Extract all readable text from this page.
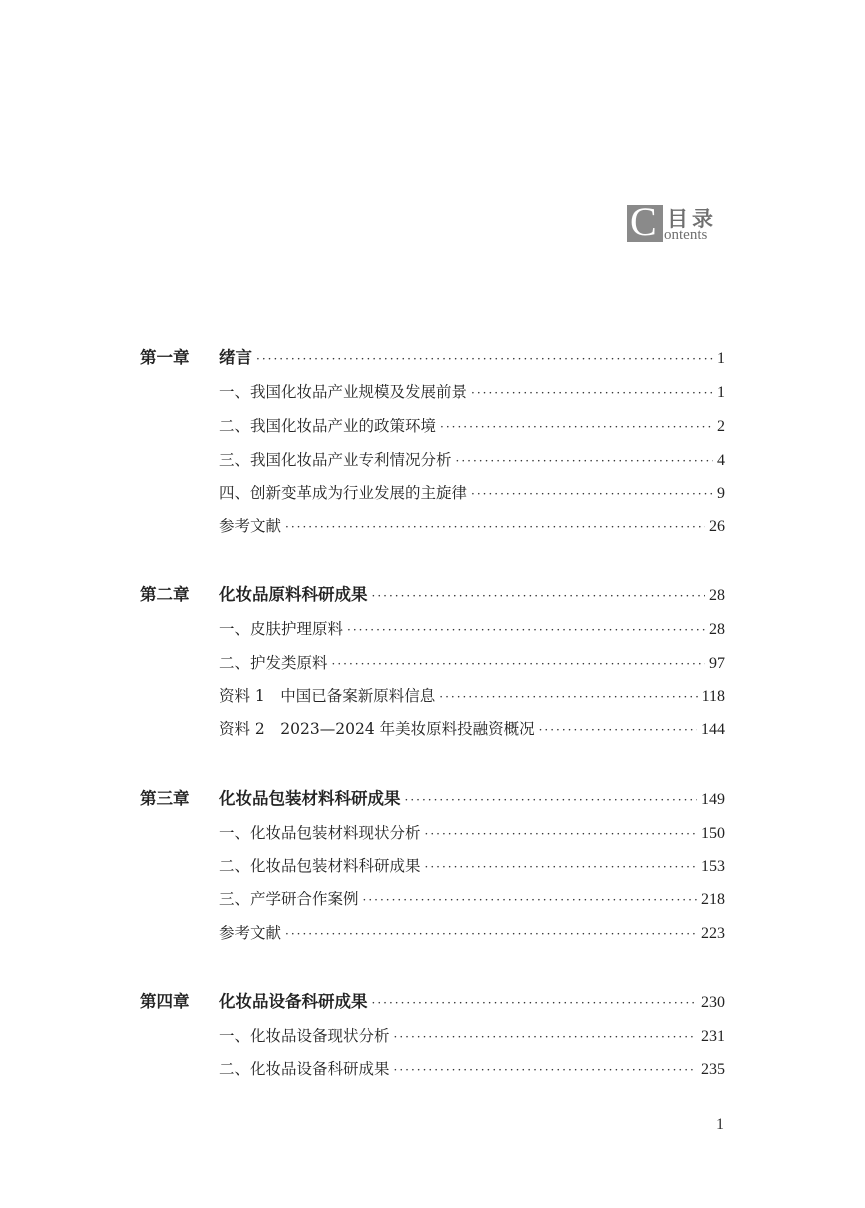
C 目录
ontents
第一章	绪言 ·····	1
一、我国化妆品产业规模及发展前景 ·····	1
二、我国化妆品产业的政策环境 ·····	2
三、我国化妆品产业专利情况分析 ·····	4
四、创新变革成为行业发展的主旋律 ·····	9
参考文献 ·····	26
第二章	化妆品原料科研成果 ·····	28
一、皮肤护理原料 ·····	28
二、护发类原料 ·····	97
资料 1　中国已备案新原料信息 ·····	118
资料 2　2023—2024 年美妆原料投融资概况 ·····	144
第三章	化妆品包装材料科研成果 ·····	149
一、化妆品包装材料现状分析 ·····	150
二、化妆品包装材料科研成果 ·····	153
三、产学研合作案例 ·····	218
参考文献 ·····	223
第四章	化妆品设备科研成果 ·····	230
一、化妆品设备现状分析 ·····	231
二、化妆品设备科研成果 ·····	235
1
